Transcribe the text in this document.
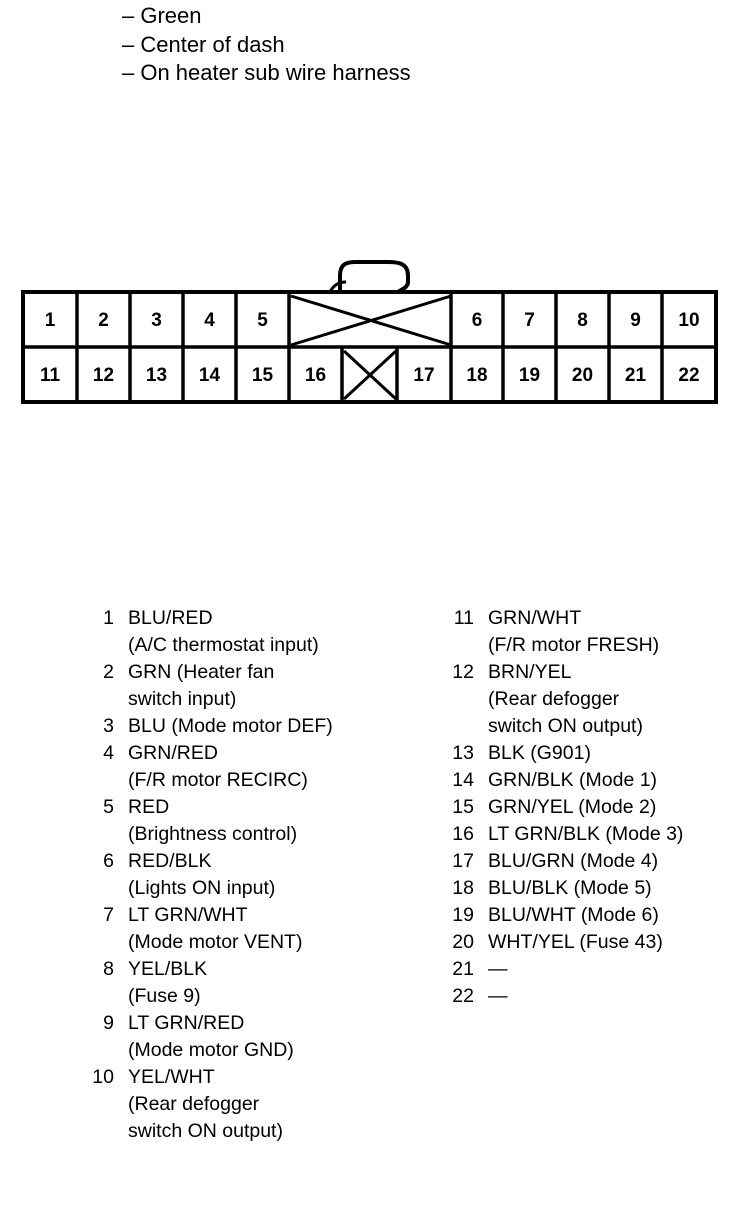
– Green
– Center of dash
– On heater sub wire harness
1 2 3 4 5	6 7 8 9 10
11 12 13 14 15 16	17 18 19 20 21 22
1 BLU/RED
(A/C thermostat input)
2 GRN (Heater fan
switch input)
3 BLU (Mode motor DEF)
4 GRN/RED
(F/R motor RECIRC)
5 RED
(Brightness control)
6 RED/BLK
(Lights ON input)
7 LT GRN/WHT
(Mode motor VENT)
8 YEL/BLK
(Fuse 9)
9 LT GRN/RED
(Mode motor GND)
10 YEL/WHT
(Rear defogger
switch ON output)
11 GRN/WHT
(F/R motor FRESH)
12 BRN/YEL
(Rear defogger
switch ON output)
13 BLK (G901)
14 GRN/BLK (Mode 1)
15 GRN/YEL (Mode 2)
16 LT GRN/BLK (Mode 3)
17 BLU/GRN (Mode 4)
18 BLU/BLK (Mode 5)
19 BLU/WHT (Mode 6)
20 WHT/YEL (Fuse 43)
21 —
22 —
